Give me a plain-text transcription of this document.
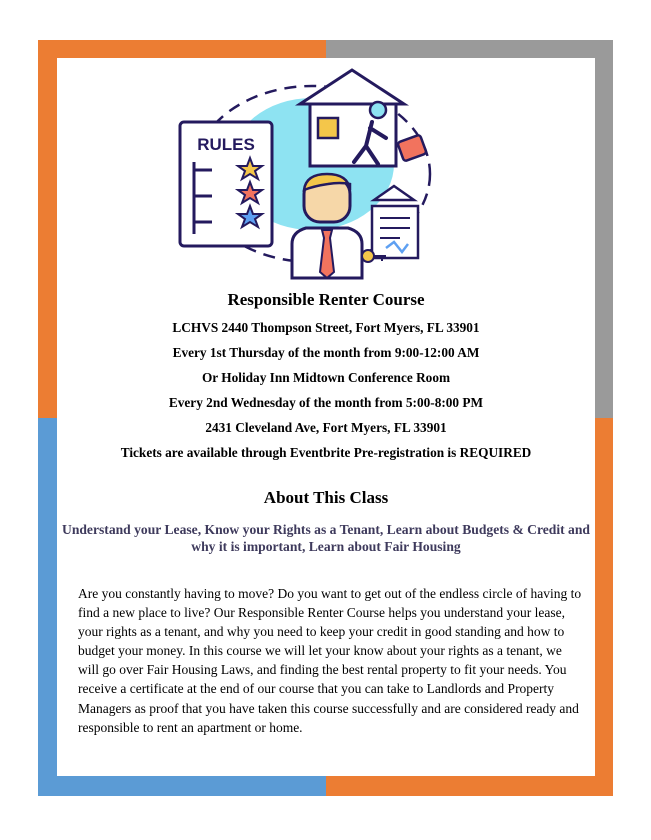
RULES
Responsible Renter Course
LCHVS 2440 Thompson Street, Fort Myers, FL 33901
Every 1st Thursday of the month from 9:00-12:00 AM
Or Holiday Inn Midtown Conference Room
Every 2nd Wednesday of the month from 5:00-8:00 PM
2431 Cleveland Ave, Fort Myers, FL 33901
Tickets are available through Eventbrite Pre-registration is REQUIRED
About This Class
Understand your Lease, Know your Rights as a Tenant, Learn about Budgets & Credit and why it is important, Learn about Fair Housing
Are you constantly having to move? Do you want to get out of the endless circle of having to find a new place to live? Our Responsible Renter Course helps you understand your lease, your rights as a tenant, and why you need to keep your credit in good standing and how to budget your money. In this course we will let your know about your rights as a tenant, we will go over Fair Housing Laws, and finding the best rental property to fit your needs. You receive a certificate at the end of our course that you can take to Landlords and Property Managers as proof that you have taken this course successfully and are considered ready and responsible to rent an apartment or home.
